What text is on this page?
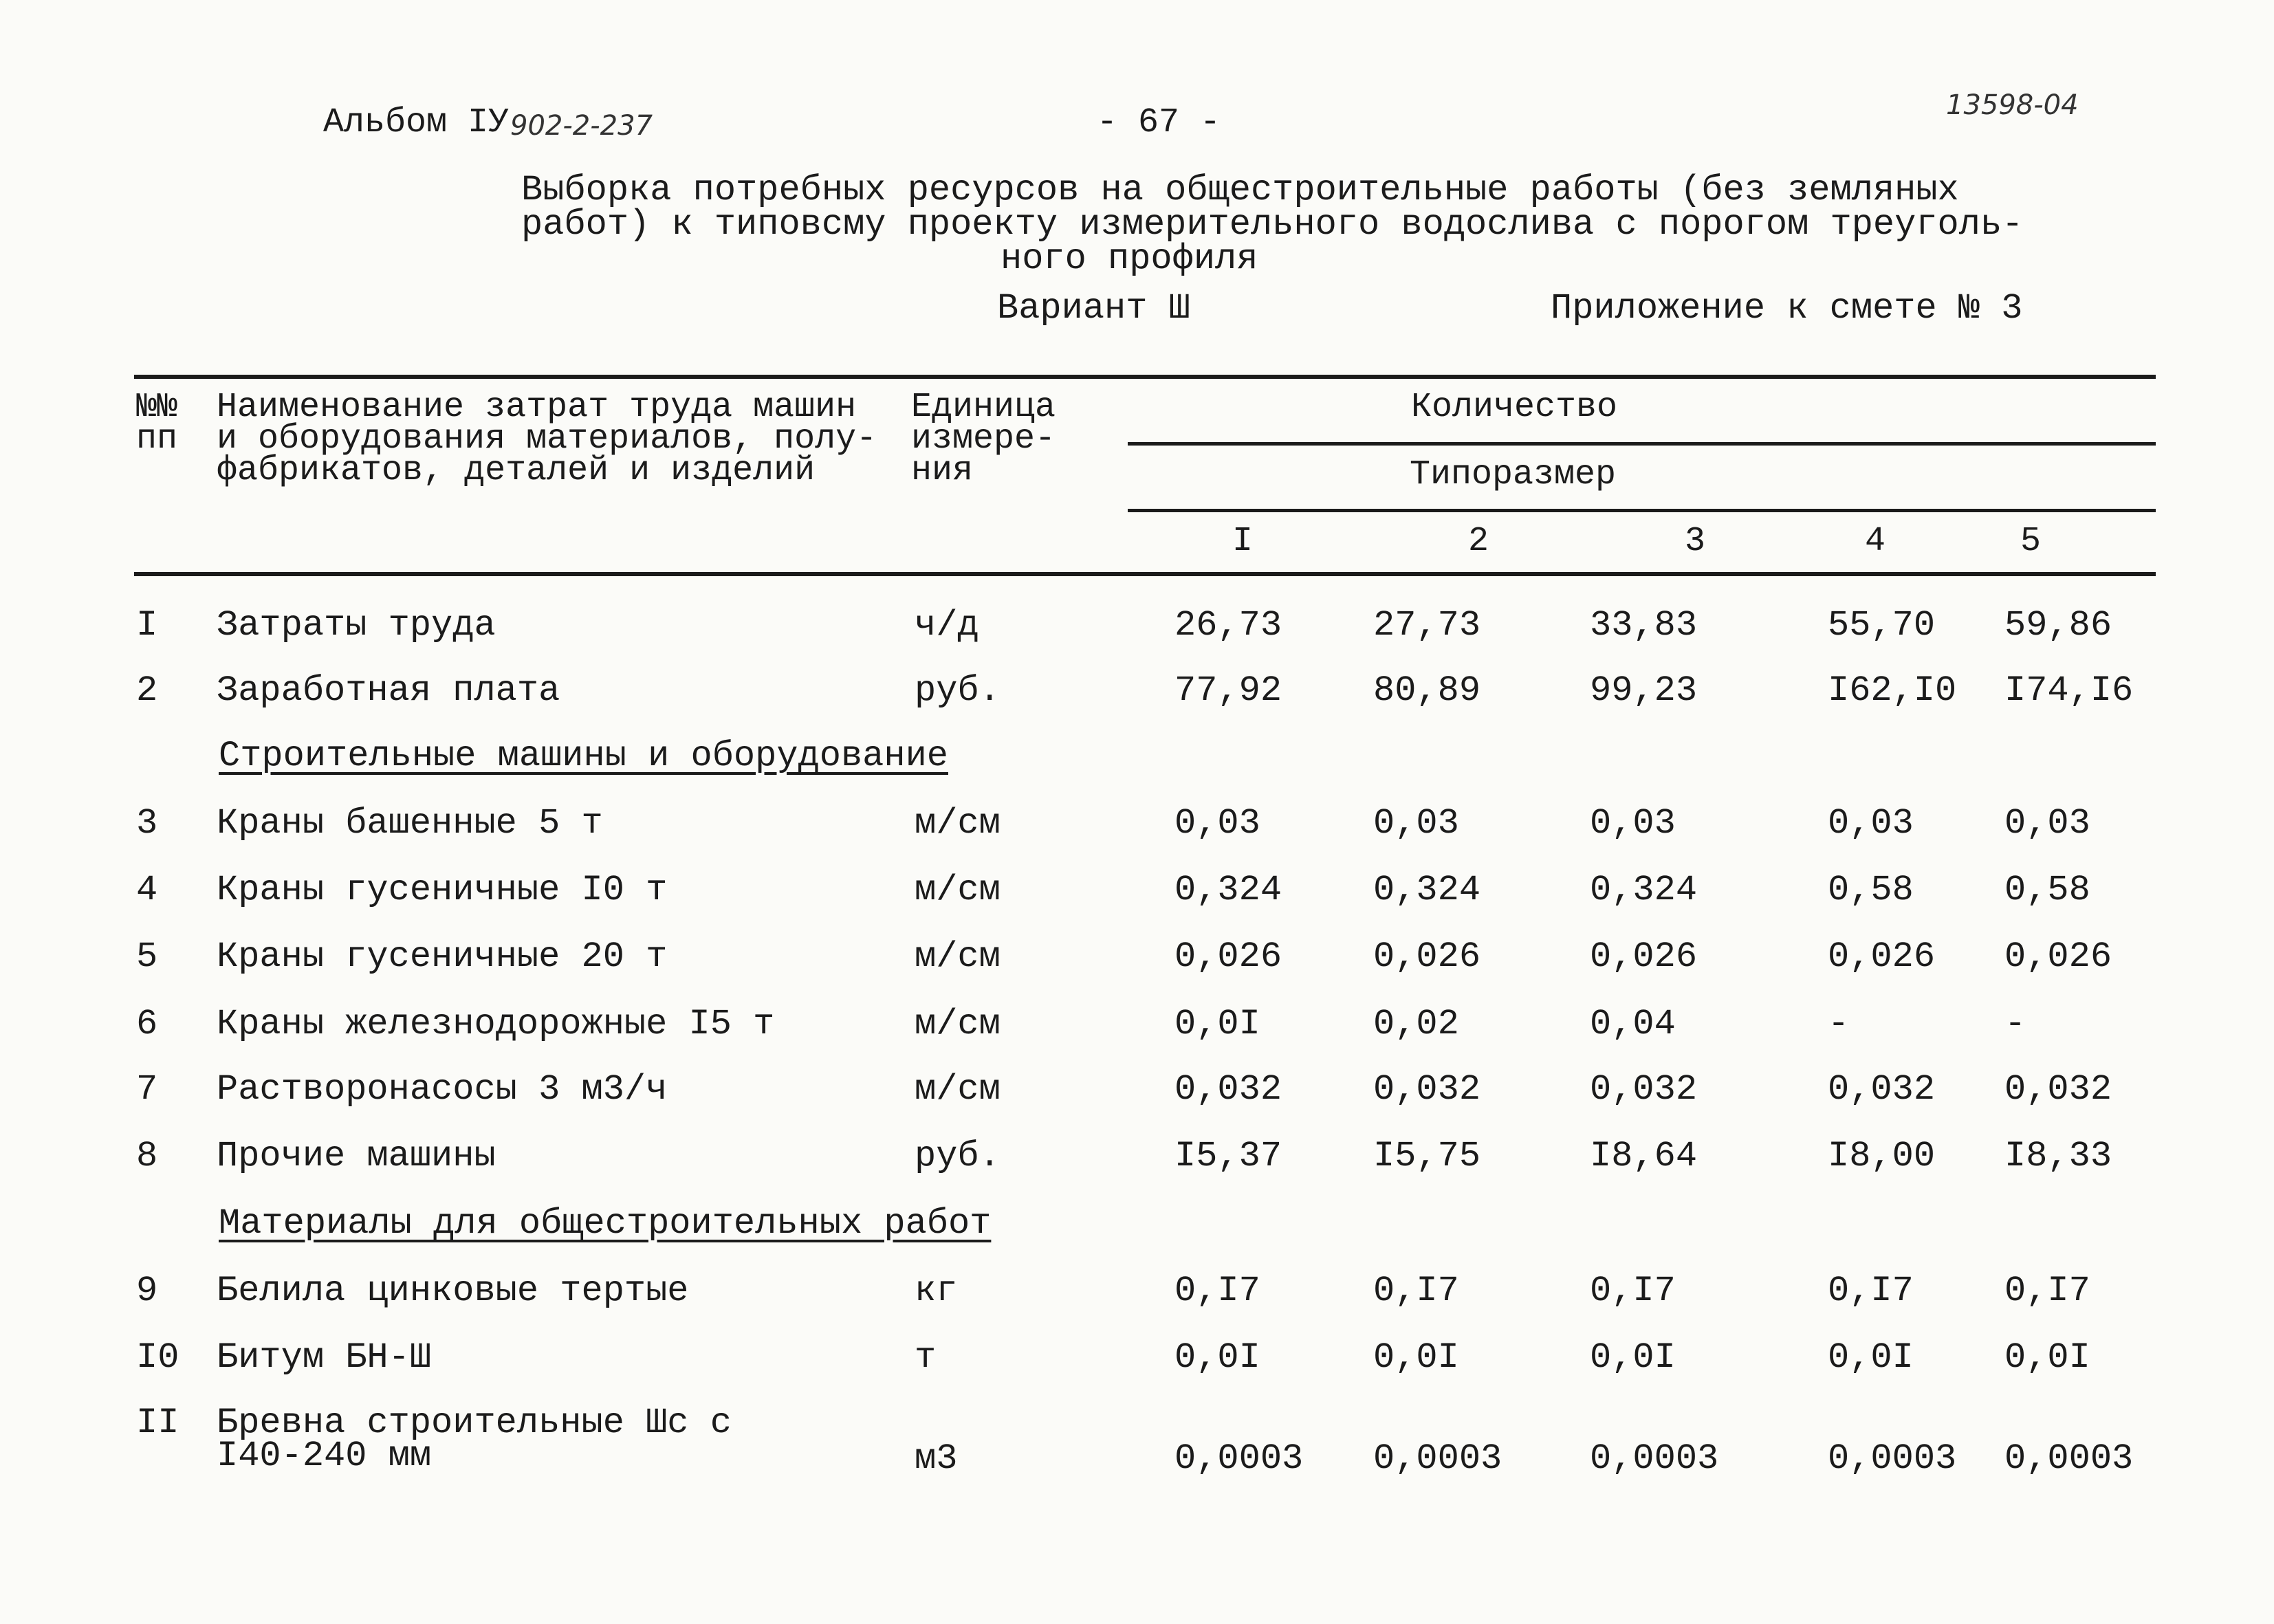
Альбом IУ 902-2-237	- 67 -	13598-04
Выборка потребных ресурсов на общестроительные работы (без земляных
работ) к типовсму проекту измерительного водослива с порогом треуголь-
ного профиля
Вариант Ш	Приложение к смете № 3
№№
пп
Наименование затрат труда машин
и оборудования материалов, полу-
фабрикатов, деталей и изделий
Единица
измере-
ния
Количество
Типоразмер
I	2	3	4	5
I Затраты труда	ч/д	26,73	27,73	33,83	55,70 59,86
2 Заработная плата	руб.	77,92	80,89	99,23	I62,I0 I74,I6
Строительные машины и оборудование
3 Краны башенные 5 т	м/см	0,03	0,03	0,03	0,03	0,03
4 Краны гусеничные I0 т	м/см	0,324	0,324	0,324	0,58	0,58
5 Краны гусеничные 20 т	м/см	0,026	0,026	0,026	0,026 0,026
6 Краны железнодорожные I5 т	м/см	0,0I	0,02	0,04	-	-
7 Растворонасосы 3 м3/ч	м/см	0,032	0,032	0,032	0,032 0,032
8 Прочие машины	руб.	I5,37	I5,75	I8,64	I8,00 I8,33
Материалы для общестроительных работ
9 Белила цинковые тертые	кг	0,I7	0,I7	0,I7	0,I7	0,I7
I0 Битум БН-Ш	т	0,0I	0,0I	0,0I	0,0I	0,0I
II Бревна строительные Шс с
I40-240 мм	м3	0,0003 0,0003 0,0003	0,0003 0,0003
